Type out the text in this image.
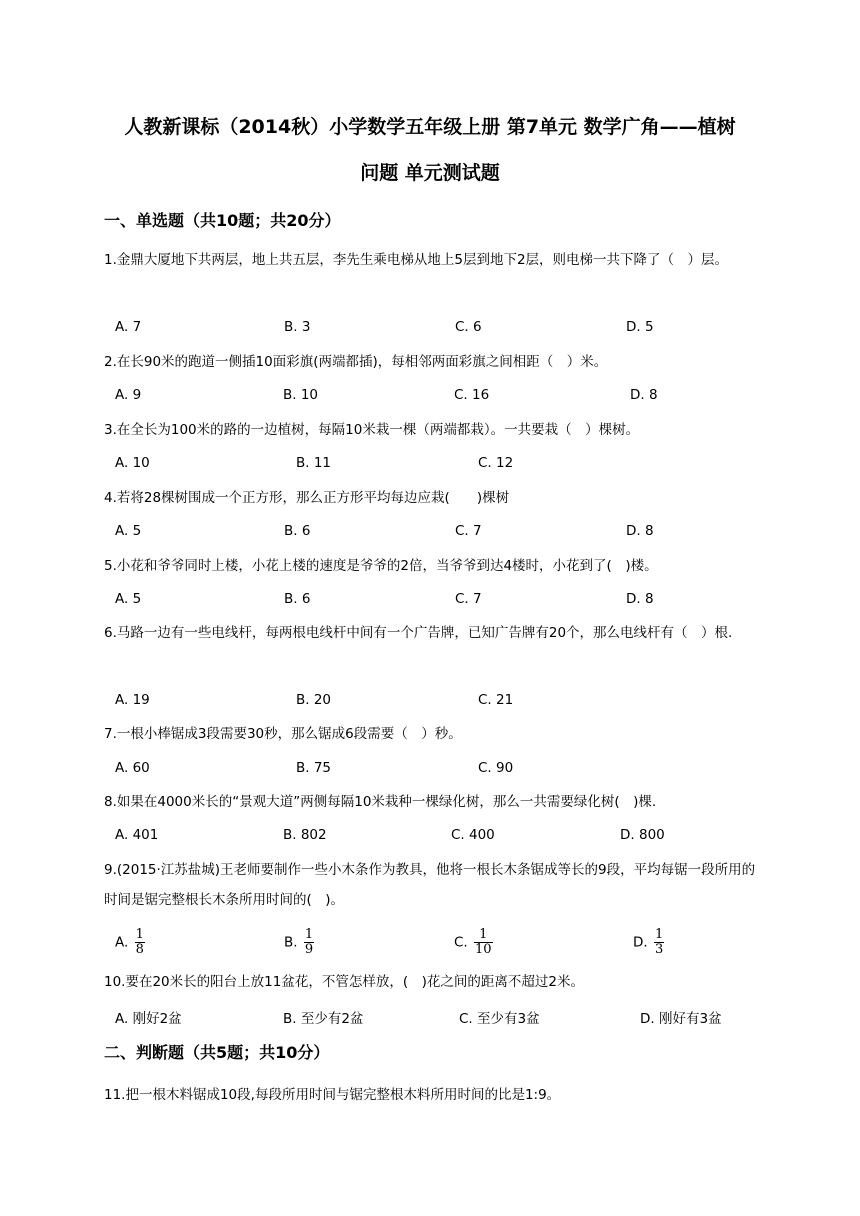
人教新课标（2014秋）小学数学五年级上册 第7单元 数学广角——植树
问题 单元测试题
一、单选题（共10题；共20分）
1.金鼎大厦地下共两层，地上共五层，李先生乘电梯从地上5层到地下2层，则电梯一共下降了（　）层。
A. 7	B. 3	C. 6	D. 5
2.在长90米的跑道一侧插10面彩旗(两端都插)，每相邻两面彩旗之间相距（　）米。
A. 9	B. 10	C. 16	D. 8
3.在全长为100米的路的一边植树，每隔10米栽一棵（两端都栽）。一共要栽（　）棵树。
A. 10	B. 11	C. 12
4.若将28棵树围成一个正方形，那么正方形平均每边应栽(　　)棵树
A. 5	B. 6	C. 7	D. 8
5.小花和爷爷同时上楼，小花上楼的速度是爷爷的2倍，当爷爷到达4楼时，小花到了(　)楼。
A. 5	B. 6	C. 7	D. 8
6.马路一边有一些电线杆，每两根电线杆中间有一个广告牌，已知广告牌有20个，那么电线杆有（　）根.
A. 19	B. 20	C. 21
7.一根小棒锯成3段需要30秒，那么锯成6段需要（　）秒。
A. 60	B. 75	C. 90
8.如果在4000米长的“景观大道”两侧每隔10米栽种一棵绿化树，那么一共需要绿化树(　)棵.
A. 401	B. 802	C. 400	D. 800
9.(2015·江苏盐城)王老师要制作一些小木条作为教具，他将一根长木条锯成等长的9段，平均每锯一段所用的时间是锯完整根长木条所用时间的(　)。
A. $\frac{1}{8}$	B. $\frac{1}{9}$	C. $\frac{1}{10}$	D. $\frac{1}{3}$
10.要在20米长的阳台上放11盆花，不管怎样放，(　)花之间的距离不超过2米。
A. 刚好2盆	B. 至少有2盆	C. 至少有3盆	D. 刚好有3盆
二、判断题（共5题；共10分）
11.把一根木料锯成10段,每段所用时间与锯完整根木料所用时间的比是1:9。
